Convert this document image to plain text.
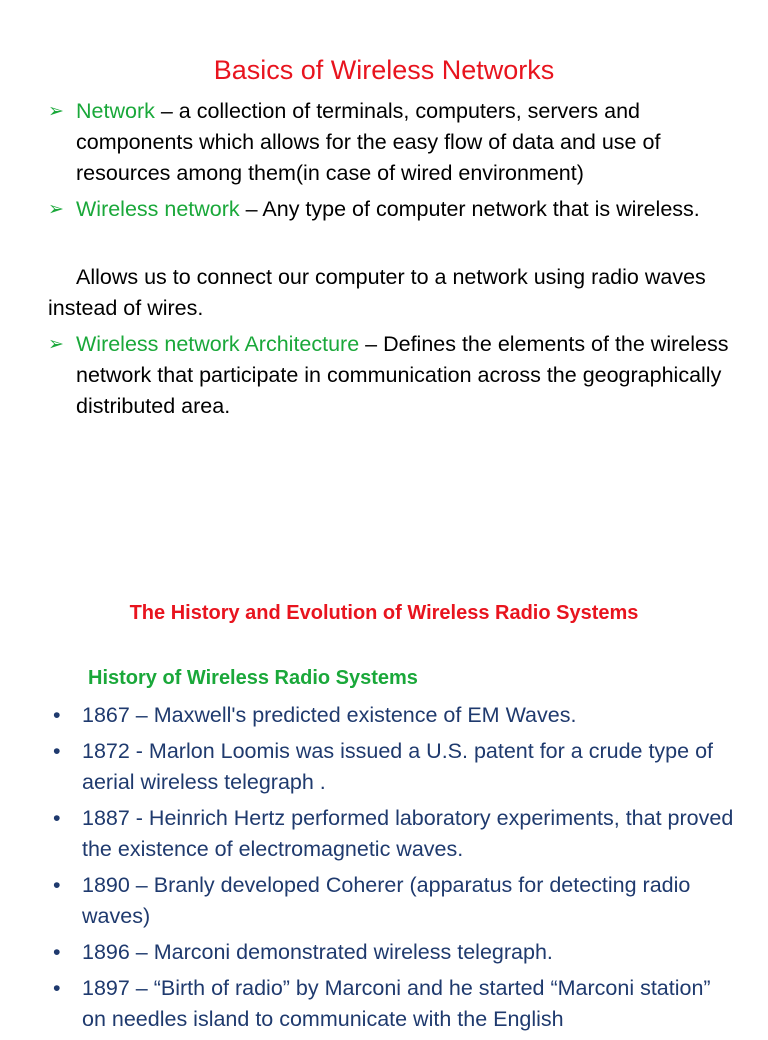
Basics of Wireless Networks
➢ Network – a collection of terminals, computers, servers and components which allows for the easy flow of data and use of resources among them(in case of wired environment)
➢ Wireless network – Any type of computer network that is wireless.
Allows us to connect our computer to a network using radio waves instead of wires.
➢ Wireless network Architecture – Defines the elements of the wireless network that participate in communication across the geographically distributed area.
The History and Evolution of Wireless Radio Systems
History of Wireless Radio Systems
• 1867 – Maxwell's predicted existence of EM Waves.
• 1872 - Marlon Loomis was issued a U.S. patent for a crude type of aerial wireless telegraph .
• 1887 - Heinrich Hertz performed laboratory experiments, that proved the existence of electromagnetic waves.
• 1890 – Branly developed Coherer (apparatus for detecting radio waves)
• 1896 – Marconi demonstrated wireless telegraph.
• 1897 – “Birth of radio” by Marconi and he started “Marconi station” on needles island to communicate with the English
